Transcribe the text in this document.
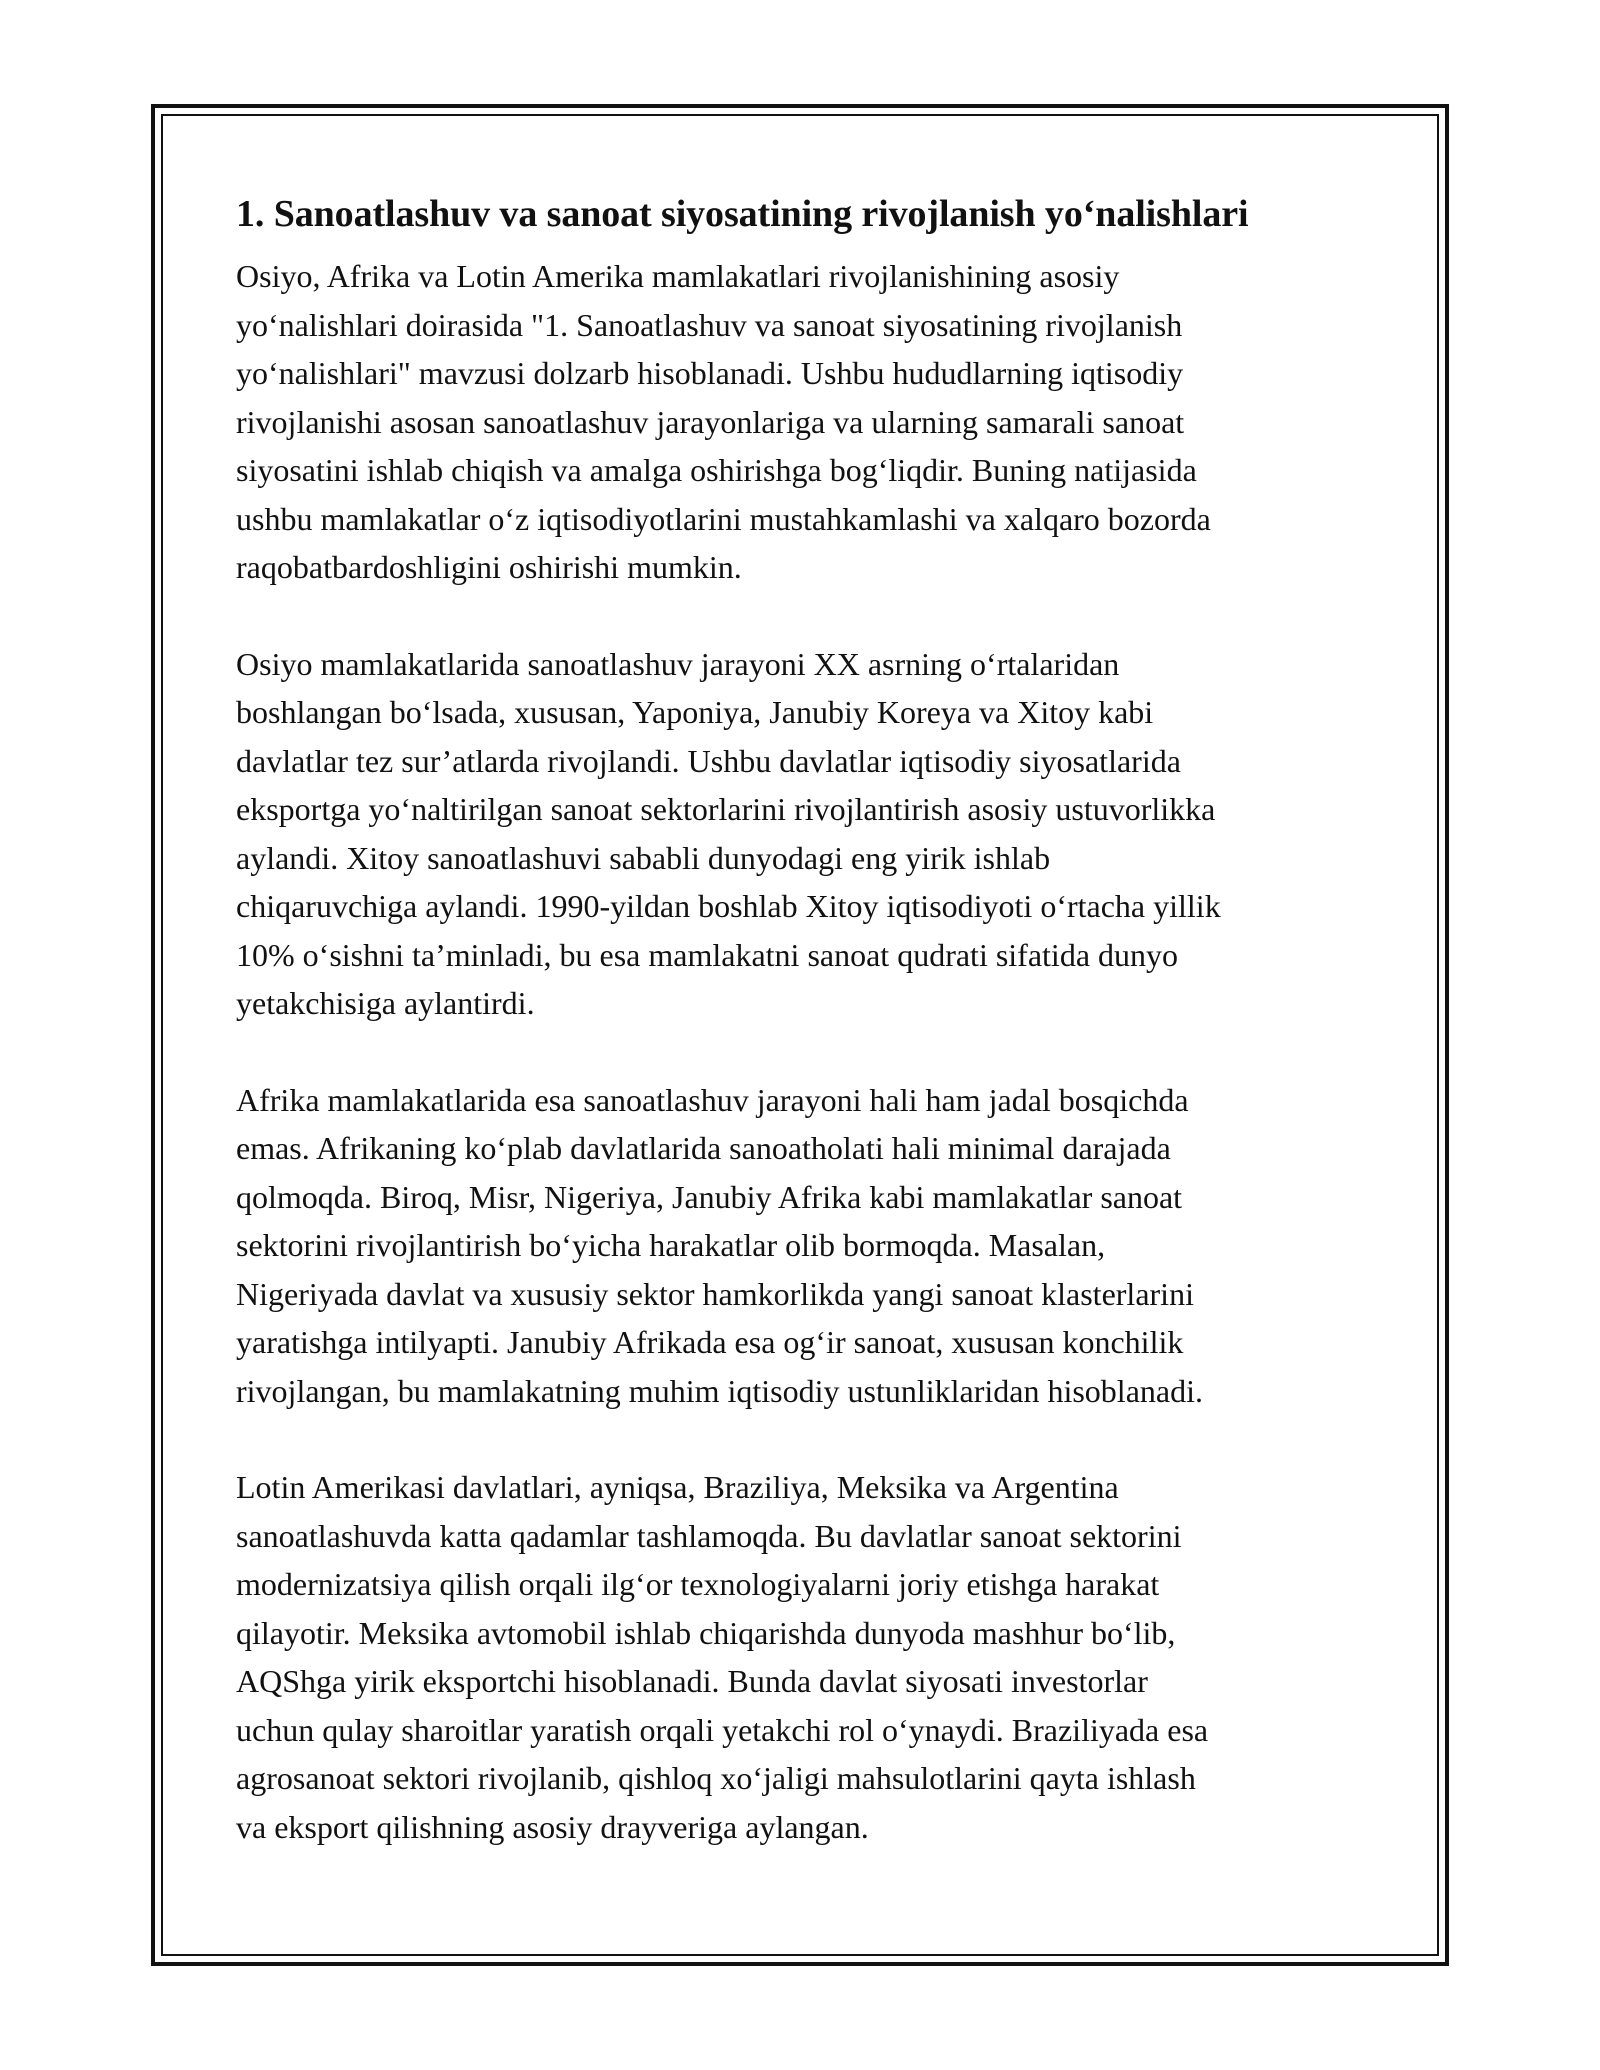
1. Sanoatlashuv va sanoat siyosatining rivojlanish yo‘nalishlari

Osiyo, Afrika va Lotin Amerika mamlakatlari rivojlanishining asosiy
yo‘nalishlari doirasida "1. Sanoatlashuv va sanoat siyosatining rivojlanish
yo‘nalishlari" mavzusi dolzarb hisoblanadi. Ushbu hududlarning iqtisodiy
rivojlanishi asosan sanoatlashuv jarayonlariga va ularning samarali sanoat
siyosatini ishlab chiqish va amalga oshirishga bog‘liqdir. Buning natijasida
ushbu mamlakatlar o‘z iqtisodiyotlarini mustahkamlashi va xalqaro bozorda
raqobatbardoshligini oshirishi mumkin.

Osiyo mamlakatlarida sanoatlashuv jarayoni XX asrning o‘rtalaridan
boshlangan bo‘lsada, xususan, Yaponiya, Janubiy Koreya va Xitoy kabi
davlatlar tez sur’atlarda rivojlandi. Ushbu davlatlar iqtisodiy siyosatlarida
eksportga yo‘naltirilgan sanoat sektorlarini rivojlantirish asosiy ustuvorlikka
aylandi. Xitoy sanoatlashuvi sababli dunyodagi eng yirik ishlab
chiqaruvchiga aylandi. 1990-yildan boshlab Xitoy iqtisodiyoti o‘rtacha yillik
10% o‘sishni ta’minladi, bu esa mamlakatni sanoat qudrati sifatida dunyo
yetakchisiga aylantirdi.

Afrika mamlakatlarida esa sanoatlashuv jarayoni hali ham jadal bosqichda
emas. Afrikaning ko‘plab davlatlarida sanoatholati hali minimal darajada
qolmoqda. Biroq, Misr, Nigeriya, Janubiy Afrika kabi mamlakatlar sanoat
sektorini rivojlantirish bo‘yicha harakatlar olib bormoqda. Masalan,
Nigeriyada davlat va xususiy sektor hamkorlikda yangi sanoat klasterlarini
yaratishga intilyapti. Janubiy Afrikada esa og‘ir sanoat, xususan konchilik
rivojlangan, bu mamlakatning muhim iqtisodiy ustunliklaridan hisoblanadi.

Lotin Amerikasi davlatlari, ayniqsa, Braziliya, Meksika va Argentina
sanoatlashuvda katta qadamlar tashlamoqda. Bu davlatlar sanoat sektorini
modernizatsiya qilish orqali ilg‘or texnologiyalarni joriy etishga harakat
qilayotir. Meksika avtomobil ishlab chiqarishda dunyoda mashhur bo‘lib,
AQShga yirik eksportchi hisoblanadi. Bunda davlat siyosati investorlar
uchun qulay sharoitlar yaratish orqali yetakchi rol o‘ynaydi. Braziliyada esa
agrosanoat sektori rivojlanib, qishloq xo‘jaligi mahsulotlarini qayta ishlash
va eksport qilishning asosiy drayveriga aylangan.
